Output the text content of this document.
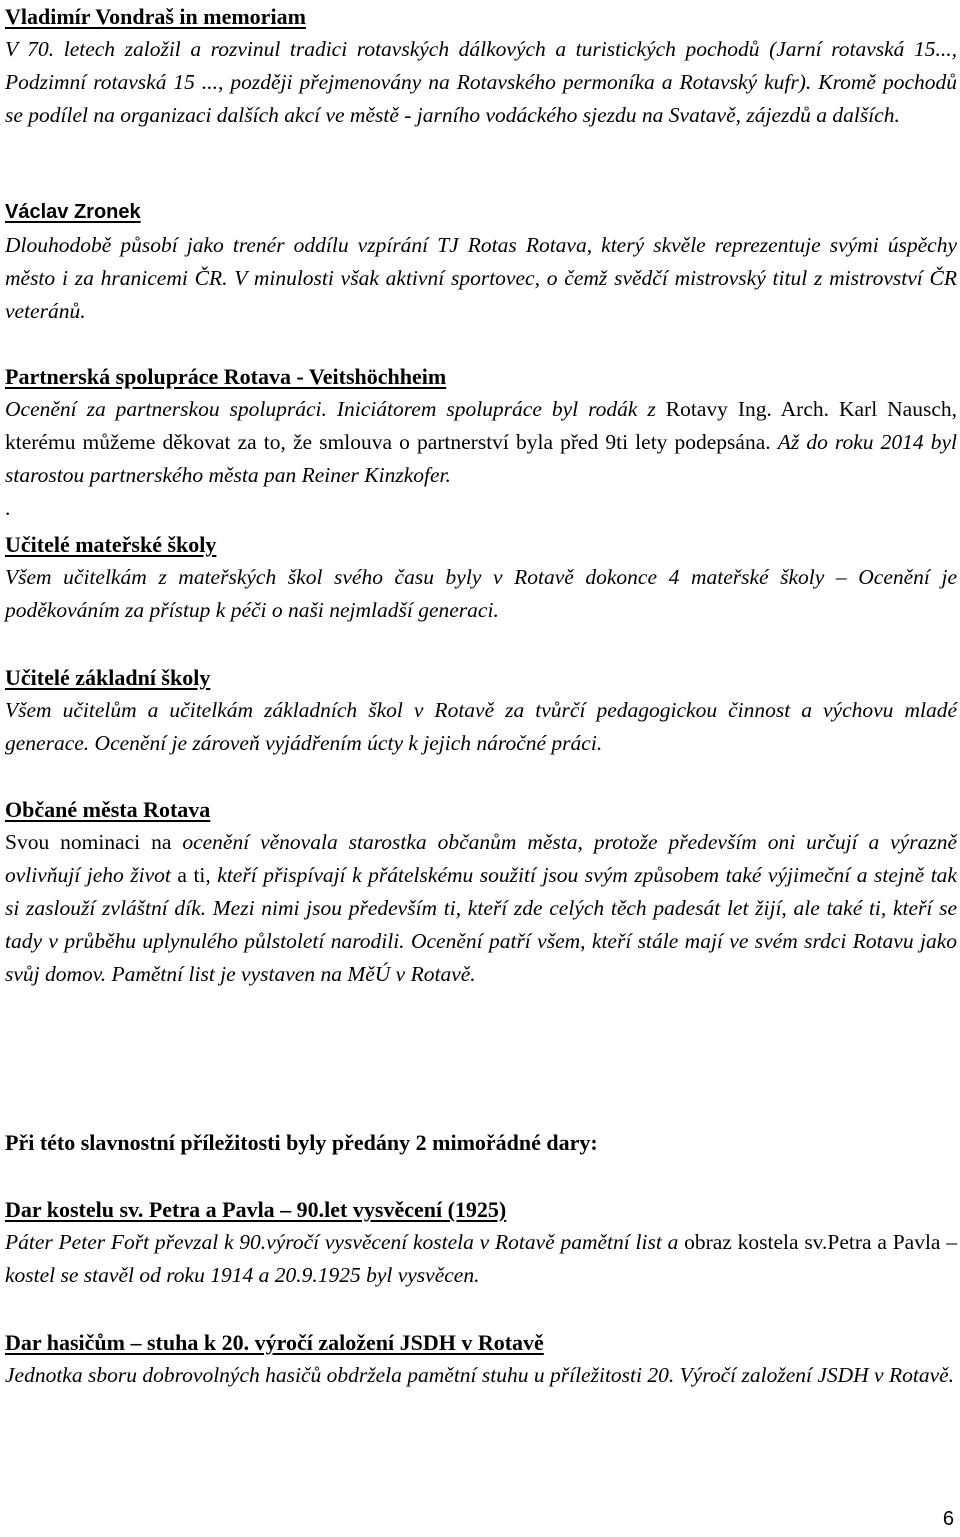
Vladimír Vondraš in memoriam

V 70. letech založil a rozvinul tradici rotavských dálkových a turistických pochodů (Jarní rotavská 15..., Podzimní rotavská 15 ..., později přejmenovány na Rotavského permoníka a Rotavský kufr). Kromě pochodů se podílel na organizaci dalších akcí ve městě - jarního vodáckého sjezdu na Svatavě, zájezdů a dalších.

Václav Zronek

Dlouhodobě působí jako trenér oddílu vzpírání TJ Rotas Rotava, který skvěle reprezentuje svými úspěchy město i za hranicemi ČR. V minulosti však aktivní sportovec, o čemž svědčí mistrovský titul z mistrovství ČR veteránů.

Partnerská spolupráce Rotava - Veitshöchheim

Ocenění za partnerskou spolupráci. Iniciátorem spolupráce byl rodák z Rotavy Ing. Arch. Karl Nausch, kterému můžeme děkovat za to, že smlouva o partnerství byla před 9ti lety podepsána. Až do roku 2014 byl starostou partnerského města pan Reiner Kinzkofer.

.

Učitelé mateřské školy

Všem učitelkám z mateřských škol svého času byly v Rotavě dokonce 4 mateřské školy – Ocenění je poděkováním za přístup k péči o naši nejmladší generaci.

Učitelé základní školy

Všem učitelům a učitelkám základních škol v Rotavě za tvůrčí pedagogickou činnost a výchovu mladé generace. Ocenění je zároveň vyjádřením úcty k jejich náročné práci.

Občané města Rotava

Svou nominaci na ocenění věnovala starostka občanům města, protože především oni určují a výrazně ovlivňují jeho život a ti, kteří přispívají k přátelskému soužití jsou svým způsobem také výjimeční a stejně tak si zaslouží zvláštní dík. Mezi nimi jsou především ti, kteří zde celých těch padesát let žijí, ale také ti, kteří se tady v průběhu uplynulého půlstoletí narodili. Ocenění patří všem, kteří stále mají ve svém srdci Rotavu jako svůj domov. Pamětní list je vystaven na MěÚ v Rotavě.

Při této slavnostní příležitosti byly předány 2 mimořádné dary:
Dar kostelu sv. Petra a Pavla – 90.let vysvěcení (1925)

Páter Peter Fořt převzal k 90.výročí vysvěcení kostela v Rotavě pamětní list a obraz kostela sv.Petra a Pavla – kostel se stavěl od roku 1914 a 20.9.1925 byl vysvěcen.

Dar hasičům – stuha k 20. výročí založení JSDH v Rotavě

Jednotka sboru dobrovolných hasičů obdržela pamětní stuhu u příležitosti 20. Výročí založení JSDH v Rotavě.

6
